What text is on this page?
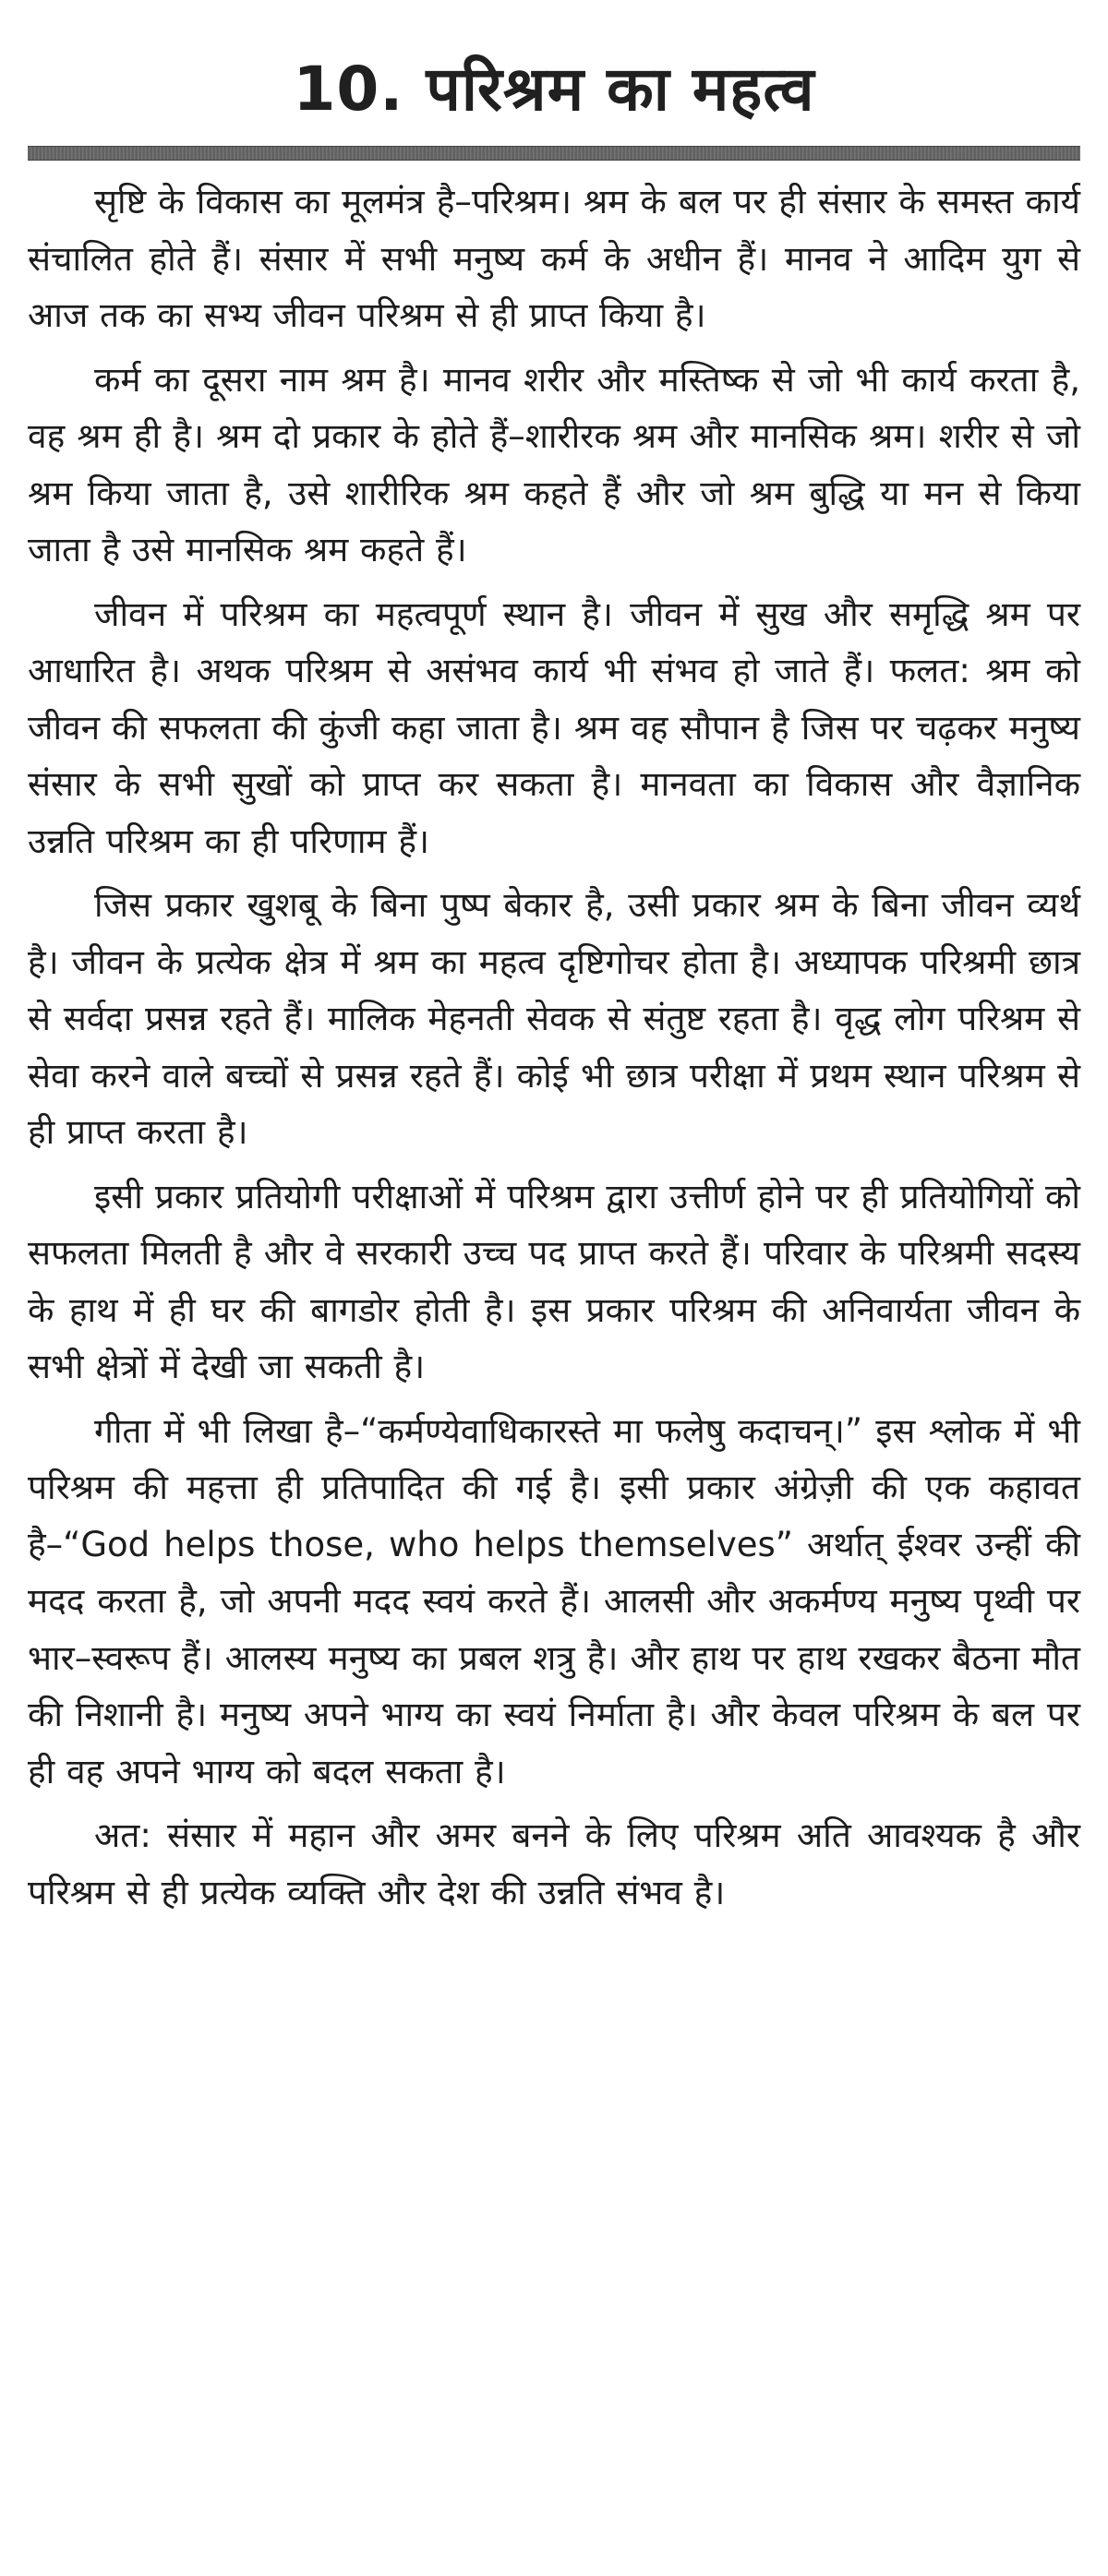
10. परिश्रम का महत्व

सृष्टि के विकास का मूलमंत्र है–परिश्रम। श्रम के बल पर ही संसार के समस्त कार्य संचालित होते हैं। संसार में सभी मनुष्य कर्म के अधीन हैं। मानव ने आदिम युग से आज तक का सभ्य जीवन परिश्रम से ही प्राप्त किया है।

कर्म का दूसरा नाम श्रम है। मानव शरीर और मस्तिष्क से जो भी कार्य करता है, वह श्रम ही है। श्रम दो प्रकार के होते हैं–शारीरक श्रम और मानसिक श्रम। शरीर से जो श्रम किया जाता है, उसे शारीरिक श्रम कहते हैं और जो श्रम बुद्धि या मन से किया जाता है उसे मानसिक श्रम कहते हैं।

जीवन में परिश्रम का महत्वपूर्ण स्थान है। जीवन में सुख और समृद्धि श्रम पर आधारित है। अथक परिश्रम से असंभव कार्य भी संभव हो जाते हैं। फलत: श्रम को जीवन की सफलता की कुंजी कहा जाता है। श्रम वह सौपान है जिस पर चढ़कर मनुष्य संसार के सभी सुखों को प्राप्त कर सकता है। मानवता का विकास और वैज्ञानिक उन्नति परिश्रम का ही परिणाम हैं।

जिस प्रकार खुशबू के बिना पुष्प बेकार है, उसी प्रकार श्रम के बिना जीवन व्यर्थ है। जीवन के प्रत्येक क्षेत्र में श्रम का महत्व दृष्टिगोचर होता है। अध्यापक परिश्रमी छात्र से सर्वदा प्रसन्न रहते हैं। मालिक मेहनती सेवक से संतुष्ट रहता है। वृद्ध लोग परिश्रम से सेवा करने वाले बच्चों से प्रसन्न रहते हैं। कोई भी छात्र परीक्षा में प्रथम स्थान परिश्रम से ही प्राप्त करता है।

इसी प्रकार प्रतियोगी परीक्षाओं में परिश्रम द्वारा उत्तीर्ण होने पर ही प्रतियोगियों को सफलता मिलती है और वे सरकारी उच्च पद प्राप्त करते हैं। परिवार के परिश्रमी सदस्य के हाथ में ही घर की बागडोर होती है। इस प्रकार परिश्रम की अनिवार्यता जीवन के सभी क्षेत्रों में देखी जा सकती है।

गीता में भी लिखा है–“कर्मण्येवाधिकारस्ते मा फलेषु कदाचन्।” इस श्लोक में भी परिश्रम की महत्ता ही प्रतिपादित की गई है। इसी प्रकार अंग्रेज़ी की एक कहावत है–“God helps those, who helps themselves” अर्थात् ईश्वर उन्हीं की मदद करता है, जो अपनी मदद स्वयं करते हैं। आलसी और अकर्मण्य मनुष्य पृथ्वी पर भार–स्वरूप हैं। आलस्य मनुष्य का प्रबल शत्रु है। और हाथ पर हाथ रखकर बैठना मौत की निशानी है। मनुष्य अपने भाग्य का स्वयं निर्माता है। और केवल परिश्रम के बल पर ही वह अपने भाग्य को बदल सकता है।

अत: संसार में महान और अमर बनने के लिए परिश्रम अति आवश्यक है और परिश्रम से ही प्रत्येक व्यक्ति और देश की उन्नति संभव है।
